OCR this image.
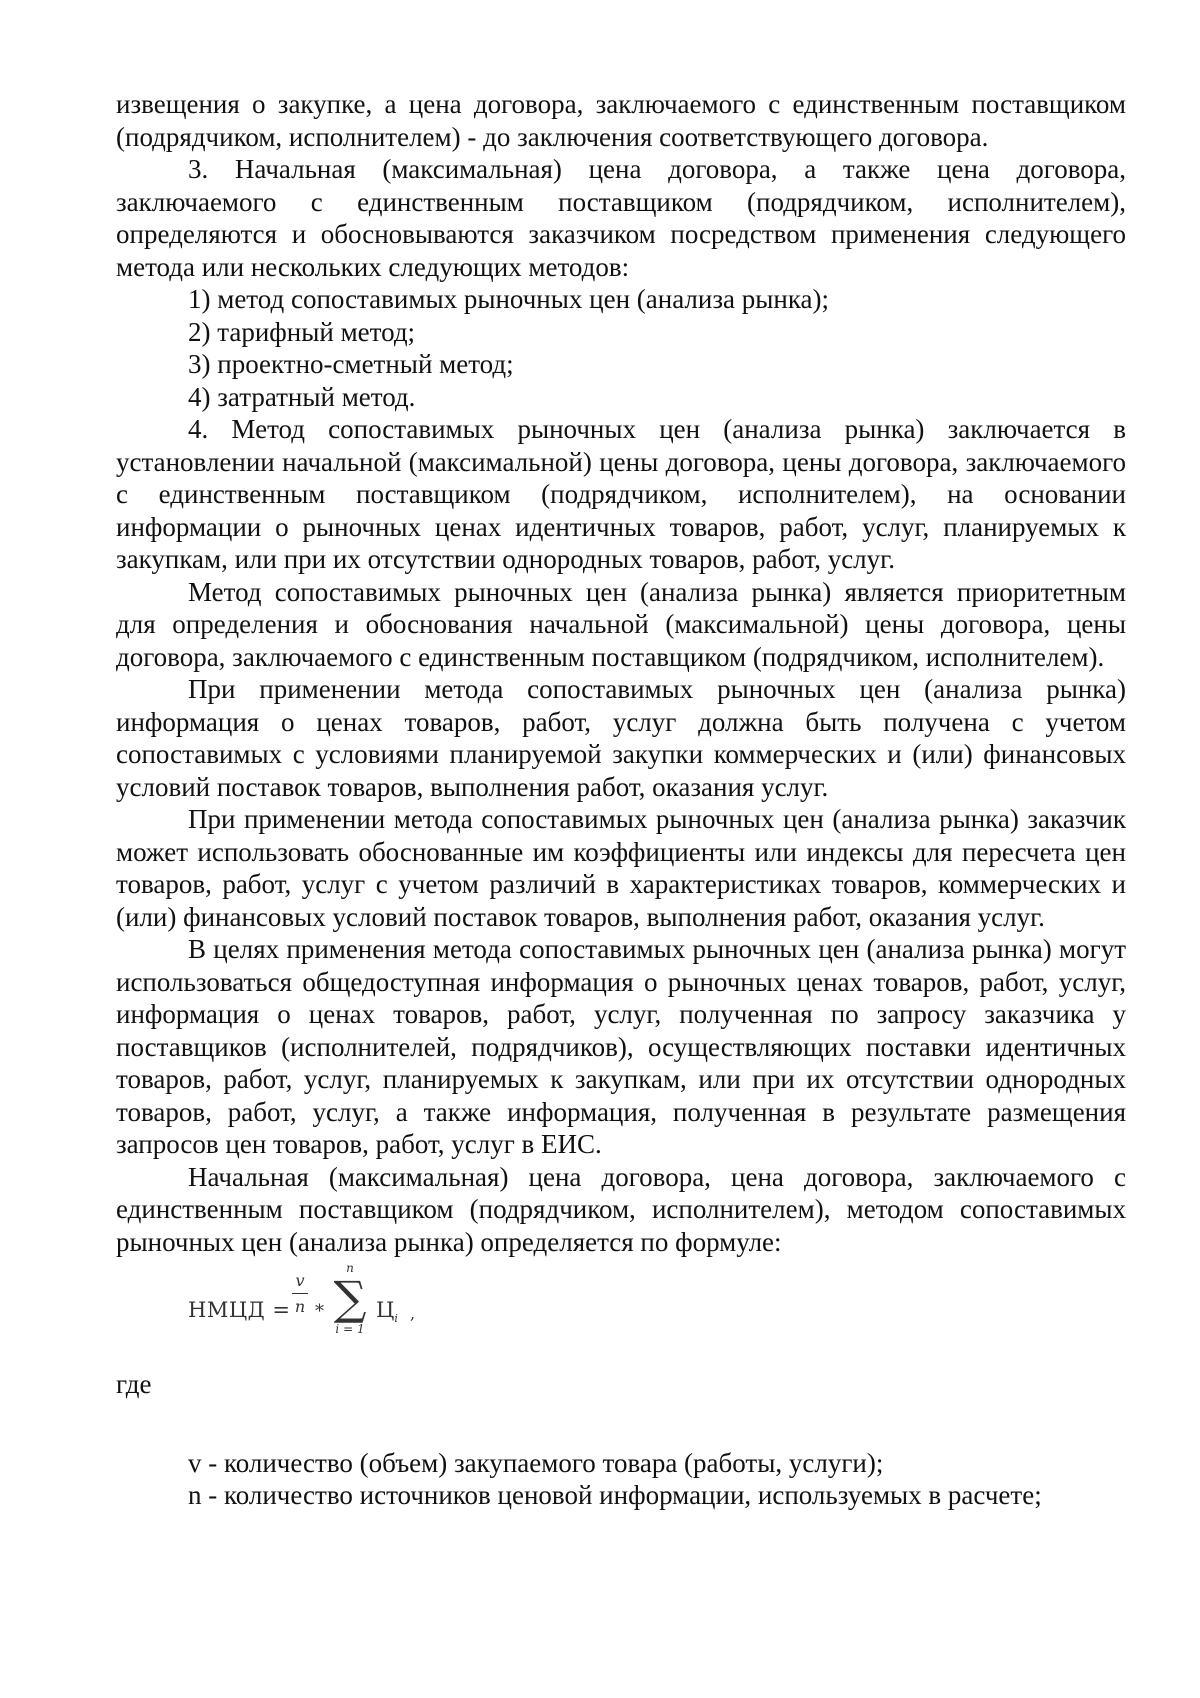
извещения о закупке, а цена договора, заключаемого с единственным поставщиком (подрядчиком, исполнителем) - до заключения соответствующего договора.

3. Начальная (максимальная) цена договора, а также цена договора, заключаемого с единственным поставщиком (подрядчиком, исполнителем), определяются и обосновываются заказчиком посредством применения следующего метода или нескольких следующих методов:

1) метод сопоставимых рыночных цен (анализа рынка);

2) тарифный метод;

3) проектно-сметный метод;

4) затратный метод.

4. Метод сопоставимых рыночных цен (анализа рынка) заключается в установлении начальной (максимальной) цены договора, цены договора, заключаемого с единственным поставщиком (подрядчиком, исполнителем), на основании информации о рыночных ценах идентичных товаров, работ, услуг, планируемых к закупкам, или при их отсутствии однородных товаров, работ, услуг.

Метод сопоставимых рыночных цен (анализа рынка) является приоритетным для определения и обоснования начальной (максимальной) цены договора, цены договора, заключаемого с единственным поставщиком (подрядчиком, исполнителем).

При применении метода сопоставимых рыночных цен (анализа рынка) информация о ценах товаров, работ, услуг должна быть получена с учетом сопоставимых с условиями планируемой закупки коммерческих и (или) финансовых условий поставок товаров, выполнения работ, оказания услуг.

При применении метода сопоставимых рыночных цен (анализа рынка) заказчик может использовать обоснованные им коэффициенты или индексы для пересчета цен товаров, работ, услуг с учетом различий в характеристиках товаров, коммерческих и (или) финансовых условий поставок товаров, выполнения работ, оказания услуг.

В целях применения метода сопоставимых рыночных цен (анализа рынка) могут использоваться общедоступная информация о рыночных ценах товаров, работ, услуг, информация о ценах товаров, работ, услуг, полученная по запросу заказчика у поставщиков (исполнителей, подрядчиков), осуществляющих поставки идентичных товаров, работ, услуг, планируемых к закупкам, или при их отсутствии однородных товаров, работ, услуг, а также информация, полученная в результате размещения запросов цен товаров, работ, услуг в ЕИС.

Начальная (максимальная) цена договора, цена договора, заключаемого с единственным поставщиком (подрядчиком, исполнителем), методом сопоставимых рыночных цен (анализа рынка) определяется по формуле:

НМЦД =
v
n *
n
∑
i = 1
$Ц_i$ ,

где

v - количество (объем) закупаемого товара (работы, услуги);

n - количество источников ценовой информации, используемых в расчете;
